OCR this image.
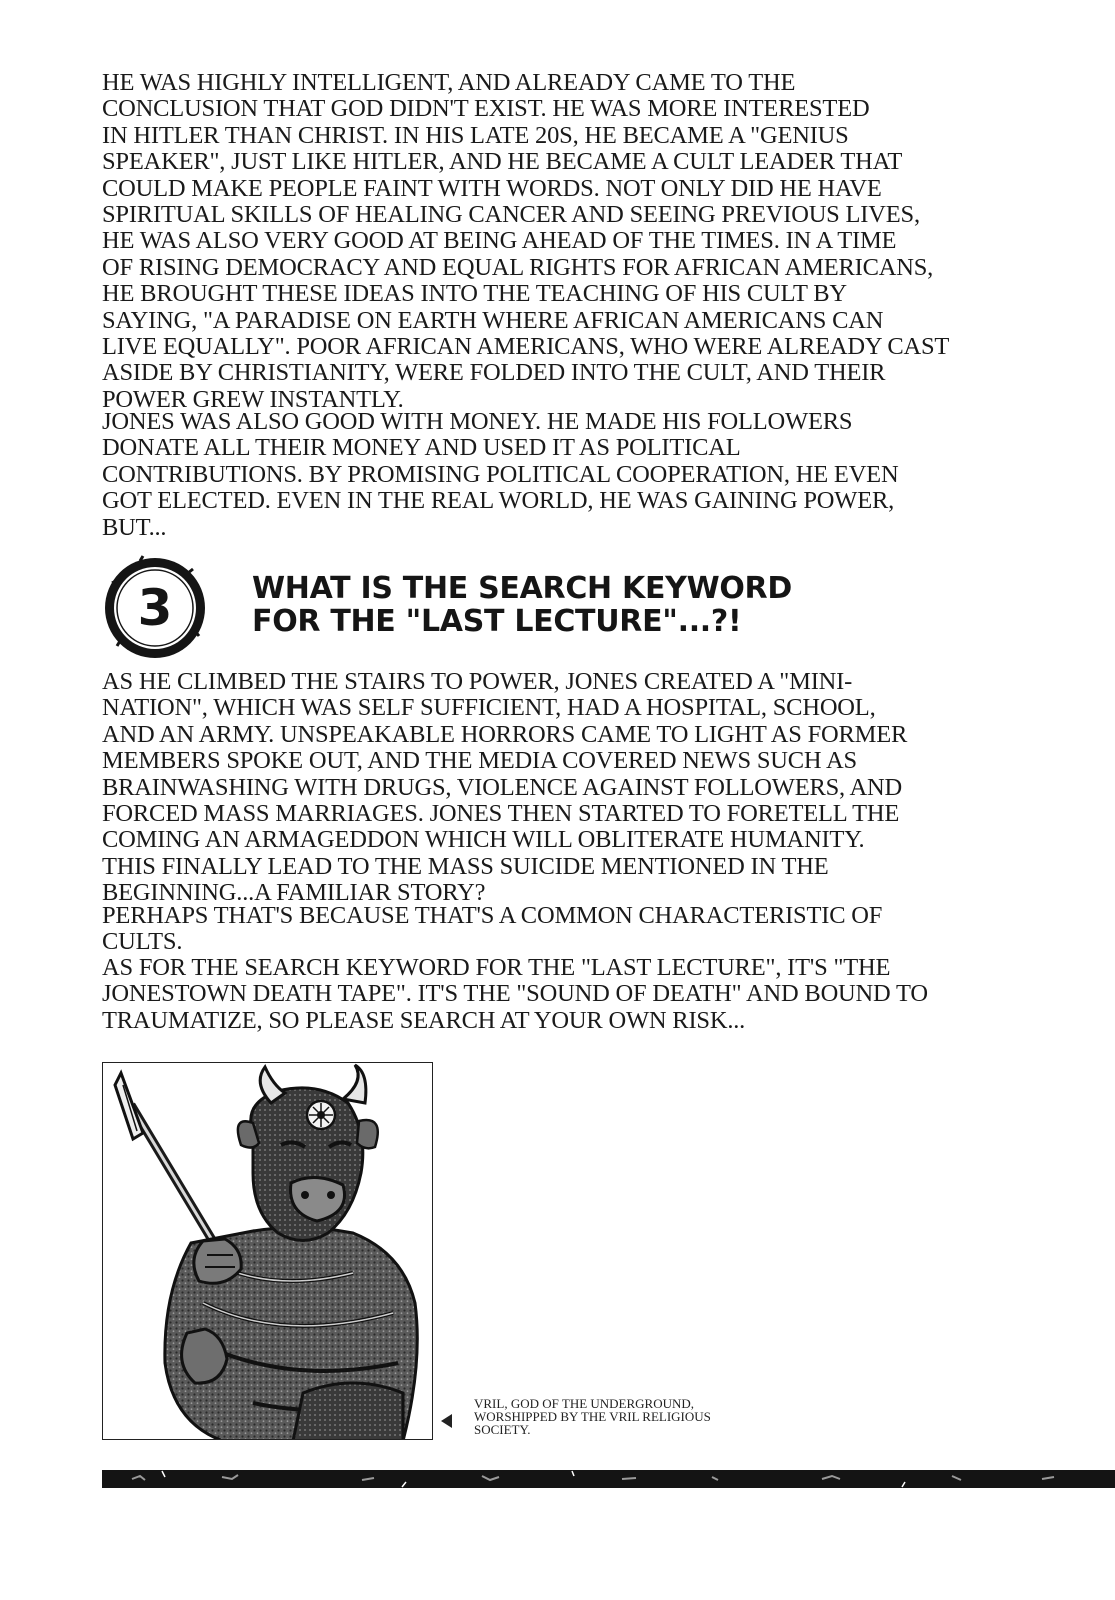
HE WAS HIGHLY INTELLIGENT, AND ALREADY CAME TO THE
CONCLUSION THAT GOD DIDN'T EXIST. HE WAS MORE INTERESTED
IN HITLER THAN CHRIST. IN HIS LATE 20S, HE BECAME A "GENIUS
SPEAKER", JUST LIKE HITLER, AND HE BECAME A CULT LEADER THAT
COULD MAKE PEOPLE FAINT WITH WORDS. NOT ONLY DID HE HAVE
SPIRITUAL SKILLS OF HEALING CANCER AND SEEING PREVIOUS LIVES,
HE WAS ALSO VERY GOOD AT BEING AHEAD OF THE TIMES. IN A TIME
OF RISING DEMOCRACY AND EQUAL RIGHTS FOR AFRICAN AMERICANS,
HE BROUGHT THESE IDEAS INTO THE TEACHING OF HIS CULT BY
SAYING, "A PARADISE ON EARTH WHERE AFRICAN AMERICANS CAN
LIVE EQUALLY". POOR AFRICAN AMERICANS, WHO WERE ALREADY CAST
ASIDE BY CHRISTIANITY, WERE FOLDED INTO THE CULT, AND THEIR
POWER GREW INSTANTLY.

JONES WAS ALSO GOOD WITH MONEY. HE MADE HIS FOLLOWERS
DONATE ALL THEIR MONEY AND USED IT AS POLITICAL
CONTRIBUTIONS. BY PROMISING POLITICAL COOPERATION, HE EVEN
GOT ELECTED. EVEN IN THE REAL WORLD, HE WAS GAINING POWER,
BUT...

3	WHAT IS THE SEARCH KEYWORD
FOR THE "LAST LECTURE"...?!

AS HE CLIMBED THE STAIRS TO POWER, JONES CREATED A "MINI-
NATION", WHICH WAS SELF SUFFICIENT, HAD A HOSPITAL, SCHOOL,
AND AN ARMY. UNSPEAKABLE HORRORS CAME TO LIGHT AS FORMER
MEMBERS SPOKE OUT, AND THE MEDIA COVERED NEWS SUCH AS
BRAINWASHING WITH DRUGS, VIOLENCE AGAINST FOLLOWERS, AND
FORCED MASS MARRIAGES. JONES THEN STARTED TO FORETELL THE
COMING AN ARMAGEDDON WHICH WILL OBLITERATE HUMANITY.
THIS FINALLY LEAD TO THE MASS SUICIDE MENTIONED IN THE
BEGINNING...A FAMILIAR STORY?

PERHAPS THAT'S BECAUSE THAT'S A COMMON CHARACTERISTIC OF
CULTS.

AS FOR THE SEARCH KEYWORD FOR THE "LAST LECTURE", IT'S "THE
JONESTOWN DEATH TAPE". IT'S THE "SOUND OF DEATH" AND BOUND TO
TRAUMATIZE, SO PLEASE SEARCH AT YOUR OWN RISK...

VRIL, GOD OF THE UNDERGROUND,
WORSHIPPED BY THE VRIL RELIGIOUS
SOCIETY.
